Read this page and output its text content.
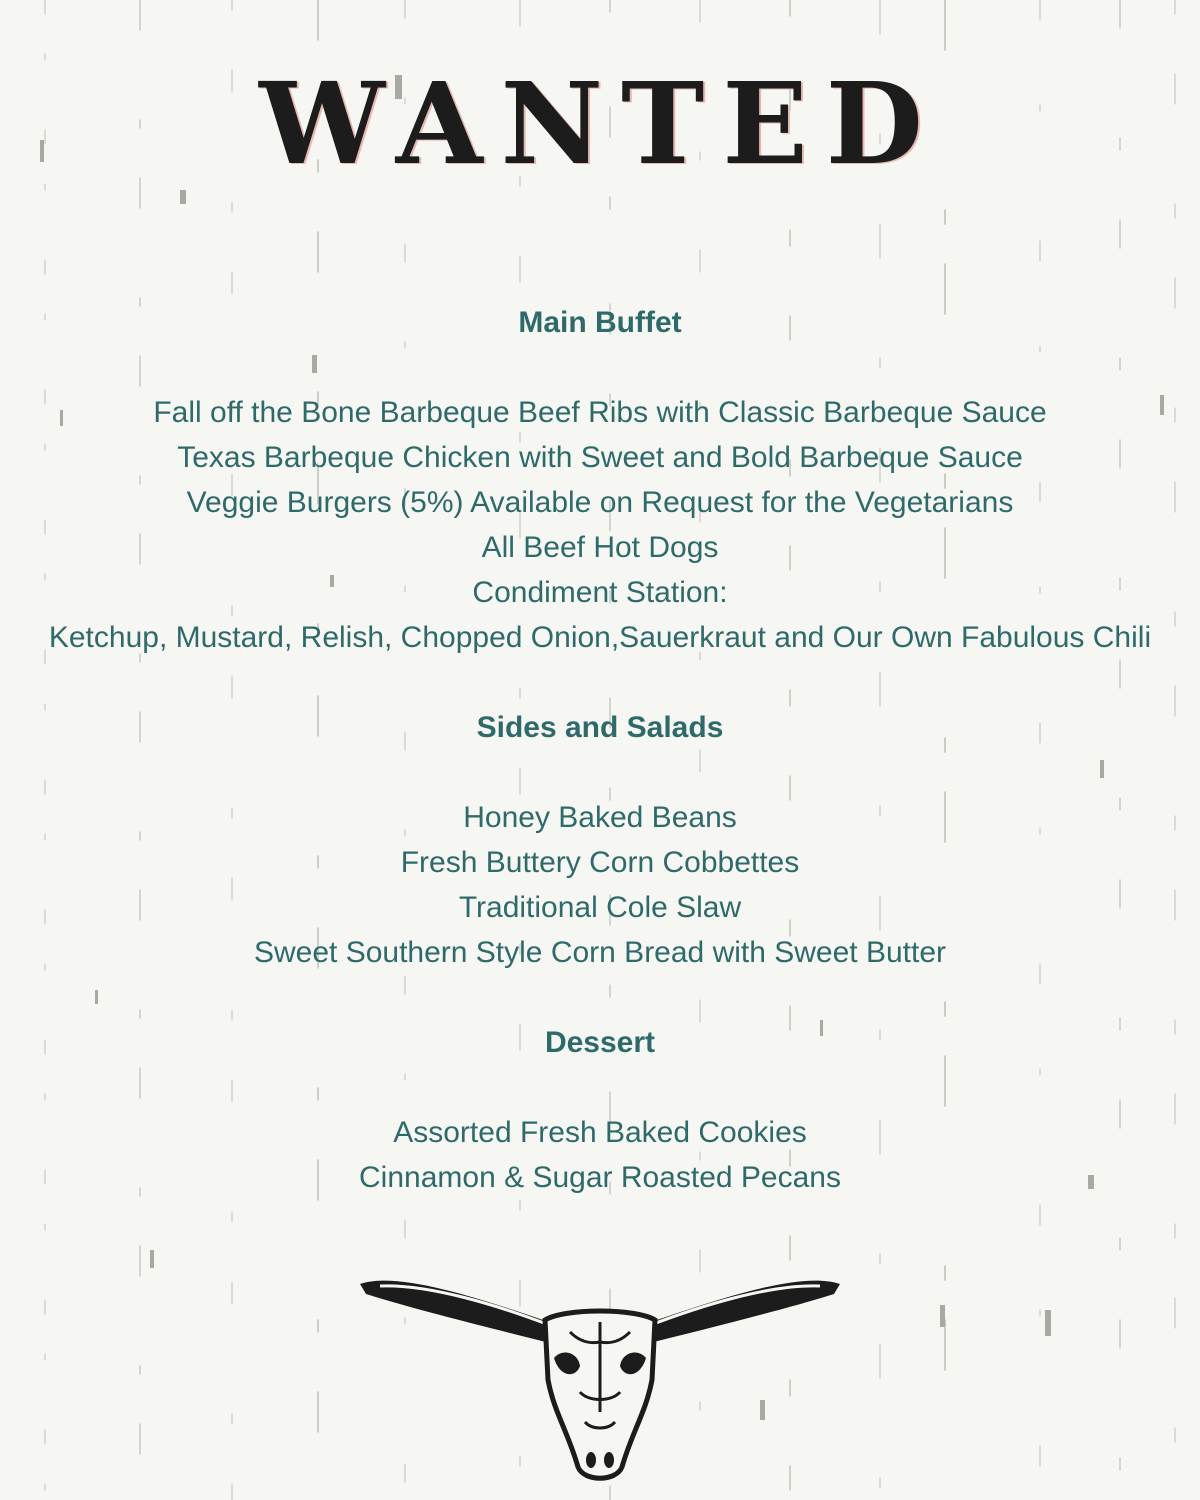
WANTED
Main Buffet
Fall off the Bone Barbeque Beef Ribs with Classic Barbeque Sauce
Texas Barbeque Chicken with Sweet and Bold Barbeque Sauce
Veggie Burgers (5%) Available on Request for the Vegetarians
All Beef Hot Dogs
Condiment Station:
Ketchup, Mustard, Relish, Chopped Onion,Sauerkraut and Our Own Fabulous Chili
Sides and Salads
Honey Baked Beans
Fresh Buttery Corn Cobbettes
Traditional Cole Slaw
Sweet Southern Style Corn Bread with Sweet Butter
Dessert
Assorted Fresh Baked Cookies
Cinnamon & Sugar Roasted Pecans
